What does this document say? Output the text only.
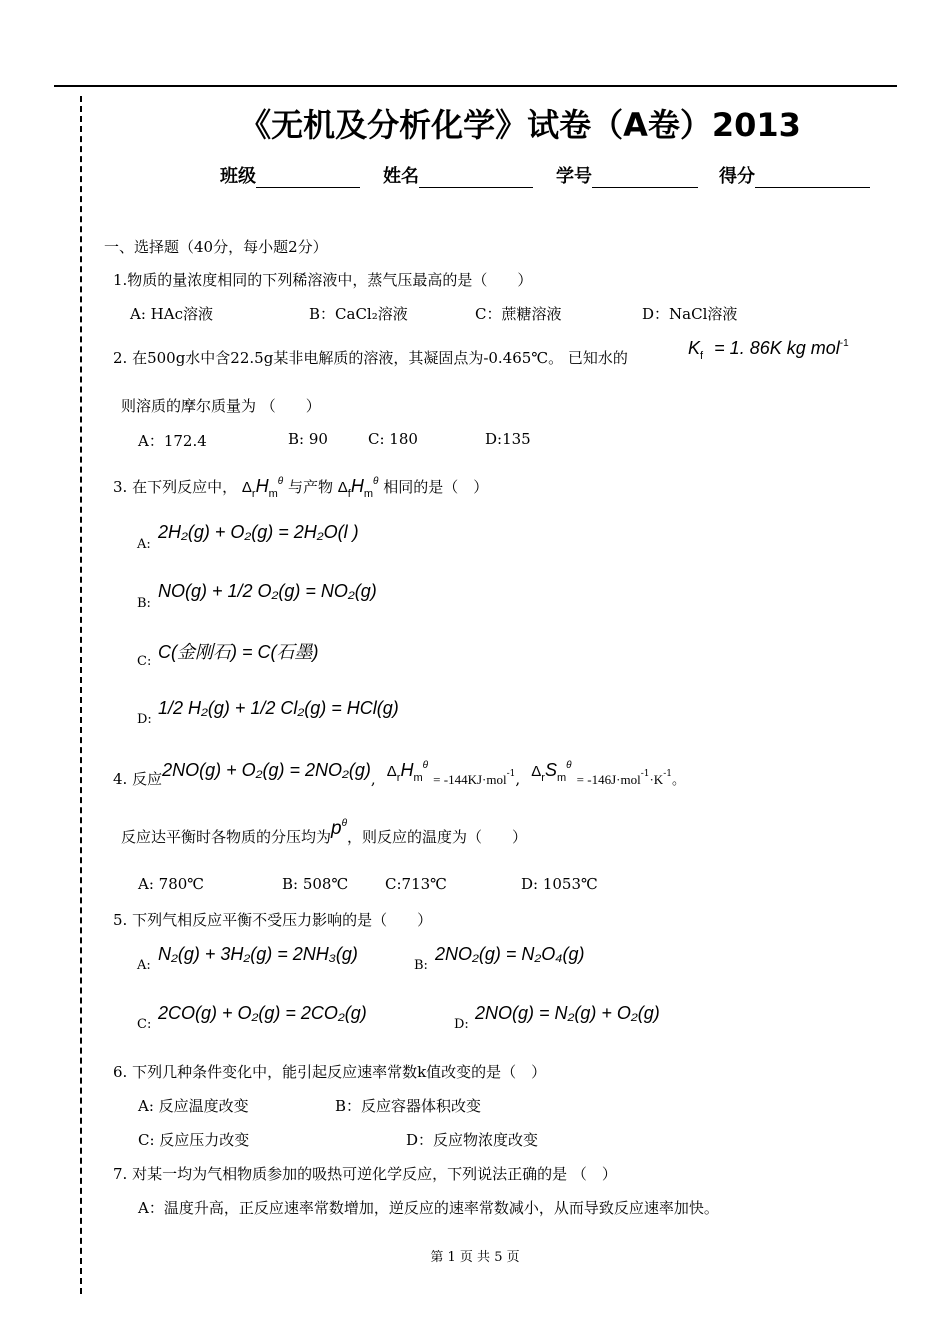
《无机及分析化学》试卷（A卷）2013
班级	姓名	学号	得分
一、选择题（40分，每小题2分）
1.物质的量浓度相同的下列稀溶液中，蒸气压最高的是（　　）
A: HAc溶液	B：CaCl₂溶液	C：蔗糖溶液	D：NaCl溶液
2. 在500g水中含22.5g某非电解质的溶液，其凝固点为-0.465℃。 已知水的	$K_f = 1$. 86K kg mol$^{-1}$
则溶质的摩尔质量为 （　　）
A：172.4	B: 90	C: 180	D:135
3. 在下列反应中， $\Delta_rH_m^\theta$ 与产物 $\Delta_fH_m^\theta$ 相同的是（　）
A:
2H₂(g) + O₂(g) = 2H₂O(l )
B:
NO(g) + 1/2 O₂(g) = NO₂(g)
C: C(金刚石) = C(石墨)
D:
1/2 H₂(g) + 1/2 Cl₂(g) = HCl(g)
4. 反应2NO(g) + O₂(g) = 2NO₂(g), $\Delta_rH_m^\theta$ $_{= -144KJ\cdot mol}$-1, $\Delta_rS_m^\theta$ $_{= -146J\cdot mol}-1_{\cdot K}-1_。$
反应达平衡时各物质的分压均为$p^\theta$，则反应的温度为（　　）
A: 780℃	B: 508℃ C:713℃	D: 1053℃
5. 下列气相反应平衡不受压力影响的是（　　）
A:
N₂(g) + 3H₂(g) = 2NH₃(g)
B:
2NO₂(g) = N₂O₄(g)
C:
2CO(g) + O₂(g) = 2CO₂(g)
D:
2NO(g) = N₂(g) + O₂(g)
6. 下列几种条件变化中，能引起反应速率常数k值改变的是（　）
A: 反应温度改变	B：反应容器体积改变
C: 反应压力改变	D：反应物浓度改变
7. 对某一均为气相物质参加的吸热可逆化学反应，下列说法正确的是 （　）
A：温度升高，正反应速率常数增加，逆反应的速率常数减小，从而导致反应速率加快。
第 1 页 共 5 页
